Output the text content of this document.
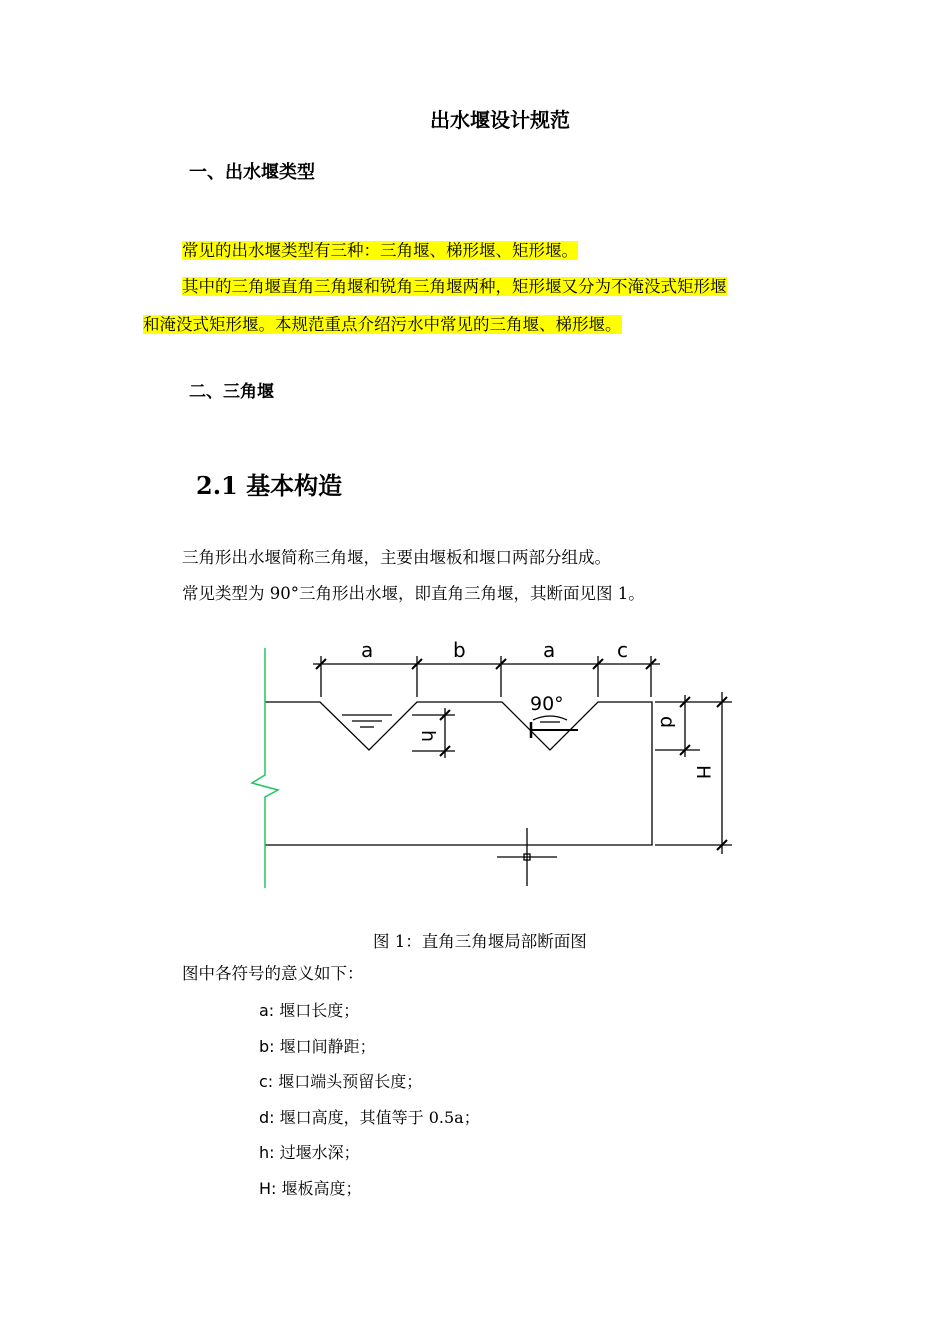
出水堰设计规范
一、出水堰类型
常见的出水堰类型有三种：三角堰、梯形堰、矩形堰。
其中的三角堰直角三角堰和锐角三角堰两种，矩形堰又分为不淹没式矩形堰
和淹没式矩形堰。本规范重点介绍污水中常见的三角堰、梯形堰。
二、三角堰
2.1 基本构造
三角形出水堰简称三角堰，主要由堰板和堰口两部分组成。
常见类型为 90°三角形出水堰，即直角三角堰，其断面见图 1。
a	b	a	c
90°
h
d
H
图 1：直角三角堰局部断面图
图中各符号的意义如下：
a: 堰口长度；
b: 堰口间静距；
c: 堰口端头预留长度；
d: 堰口高度，其值等于 0.5a；
h: 过堰水深；
H: 堰板高度；
